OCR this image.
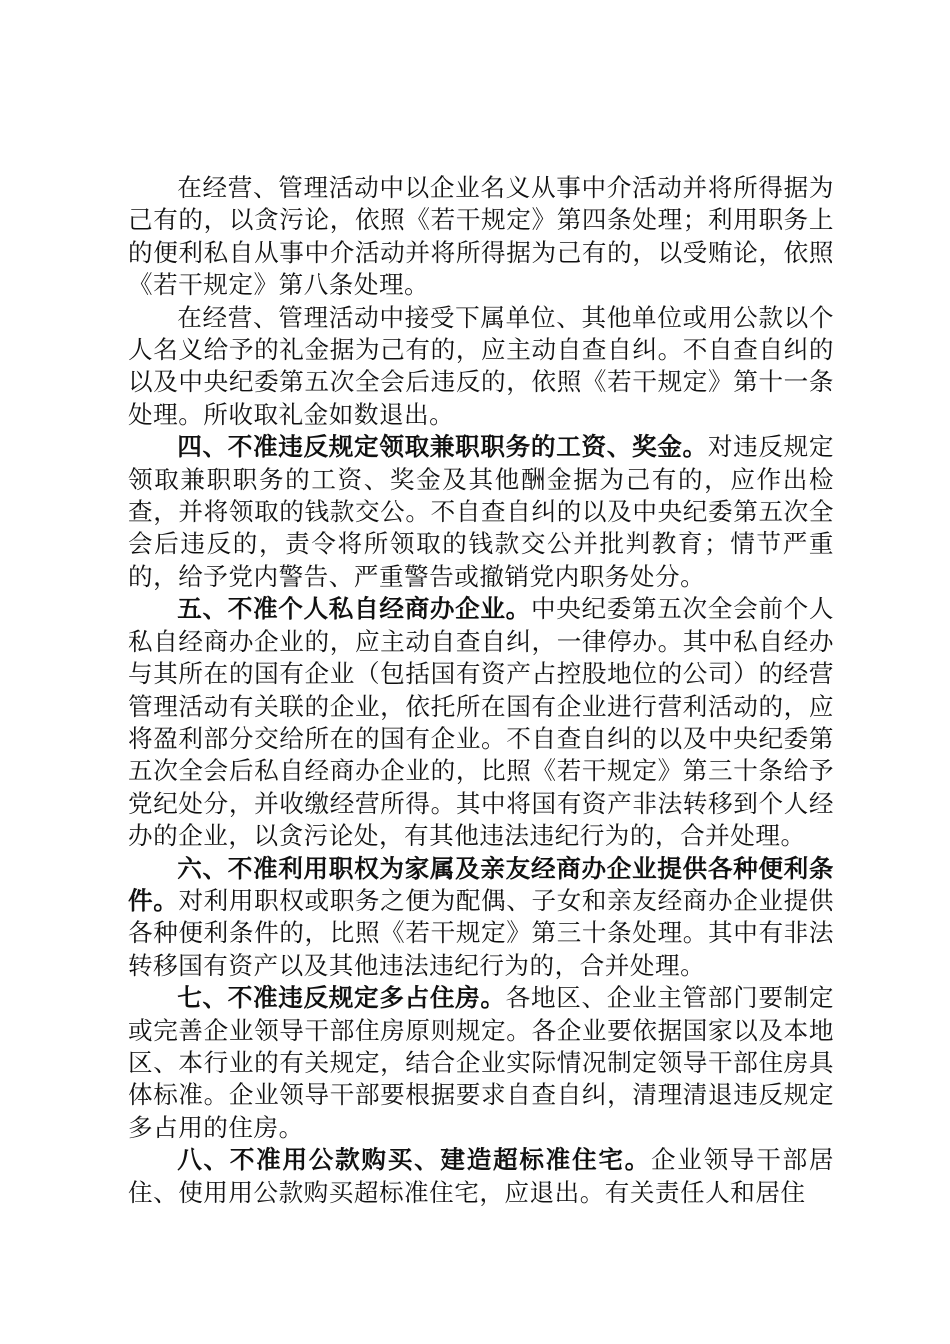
在经营、管理活动中以企业名义从事中介活动并将所得据为己有的，以贪污论，依照《若干规定》第四条处理；利用职务上的便利私自从事中介活动并将所得据为己有的，以受贿论，依照《若干规定》第八条处理。

在经营、管理活动中接受下属单位、其他单位或用公款以个人名义给予的礼金据为己有的，应主动自查自纠。不自查自纠的以及中央纪委第五次全会后违反的，依照《若干规定》第十一条处理。所收取礼金如数退出。

四、不准违反规定领取兼职职务的工资、奖金。对违反规定领取兼职职务的工资、奖金及其他酬金据为己有的，应作出检查，并将领取的钱款交公。不自查自纠的以及中央纪委第五次全会后违反的，责令将所领取的钱款交公并批判教育；情节严重的，给予党内警告、严重警告或撤销党内职务处分。

五、不准个人私自经商办企业。中央纪委第五次全会前个人私自经商办企业的，应主动自查自纠，一律停办。其中私自经办与其所在的国有企业（包括国有资产占控股地位的公司）的经营管理活动有关联的企业，依托所在国有企业进行营利活动的，应将盈利部分交给所在的国有企业。不自查自纠的以及中央纪委第五次全会后私自经商办企业的，比照《若干规定》第三十条给予党纪处分，并收缴经营所得。其中将国有资产非法转移到个人经办的企业，以贪污论处，有其他违法违纪行为的，合并处理。

六、不准利用职权为家属及亲友经商办企业提供各种便利条件。对利用职权或职务之便为配偶、子女和亲友经商办企业提供各种便利条件的，比照《若干规定》第三十条处理。其中有非法转移国有资产以及其他违法违纪行为的，合并处理。

七、不准违反规定多占住房。各地区、企业主管部门要制定或完善企业领导干部住房原则规定。各企业要依据国家以及本地区、本行业的有关规定，结合企业实际情况制定领导干部住房具体标准。企业领导干部要根据要求自查自纠，清理清退违反规定多占用的住房。

八、不准用公款购买、建造超标准住宅。企业领导干部居住、使用用公款购买超标准住宅，应退出。有关责任人和居住
